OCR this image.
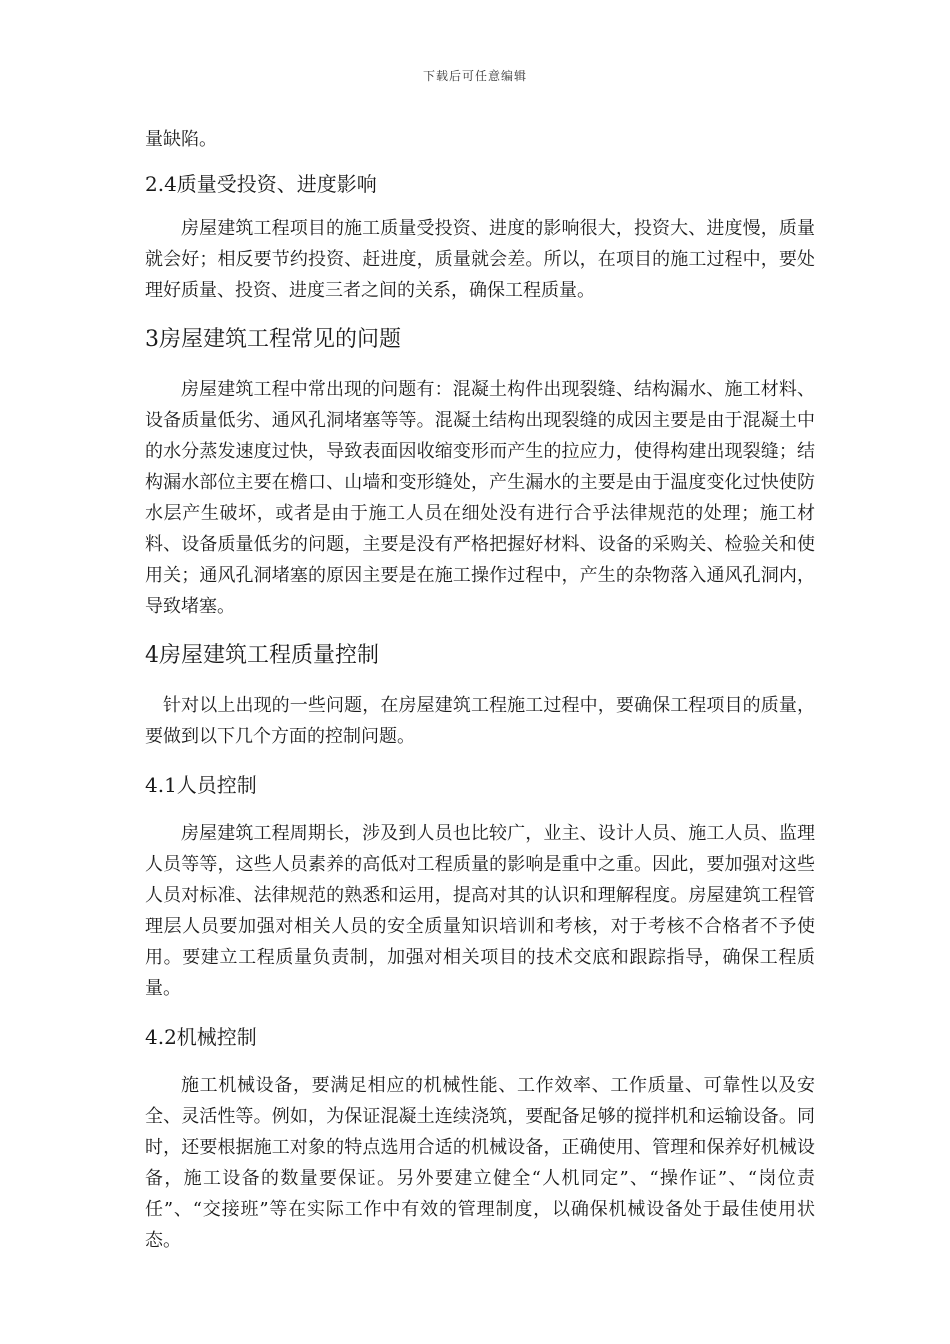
下载后可任意编辑

量缺陷。

2.4质量受投资、进度影响

房屋建筑工程项目的施工质量受投资、进度的影响很大，投资大、进度慢，质量就会好；相反要节约投资、赶进度，质量就会差。所以，在项目的施工过程中，要处理好质量、投资、进度三者之间的关系，确保工程质量。

3房屋建筑工程常见的问题

房屋建筑工程中常出现的问题有：混凝土构件出现裂缝、结构漏水、施工材料、设备质量低劣、通风孔洞堵塞等等。混凝土结构出现裂缝的成因主要是由于混凝土中的水分蒸发速度过快，导致表面因收缩变形而产生的拉应力，使得构建出现裂缝；结构漏水部位主要在檐口、山墙和变形缝处，产生漏水的主要是由于温度变化过快使防水层产生破坏，或者是由于施工人员在细处没有进行合乎法律规范的处理；施工材料、设备质量低劣的问题，主要是没有严格把握好材料、设备的采购关、检验关和使用关；通风孔洞堵塞的原因主要是在施工操作过程中，产生的杂物落入通风孔洞内，导致堵塞。

4房屋建筑工程质量控制

针对以上出现的一些问题，在房屋建筑工程施工过程中，要确保工程项目的质量，要做到以下几个方面的控制问题。

4.1人员控制

房屋建筑工程周期长，涉及到人员也比较广，业主、设计人员、施工人员、监理人员等等，这些人员素养的高低对工程质量的影响是重中之重。因此，要加强对这些人员对标准、法律规范的熟悉和运用，提高对其的认识和理解程度。房屋建筑工程管理层人员要加强对相关人员的安全质量知识培训和考核，对于考核不合格者不予使用。要建立工程质量负责制，加强对相关项目的技术交底和跟踪指导，确保工程质量。

4.2机械控制

施工机械设备，要满足相应的机械性能、工作效率、工作质量、可靠性以及安全、灵活性等。例如，为保证混凝土连续浇筑，要配备足够的搅拌机和运输设备。同时，还要根据施工对象的特点选用合适的机械设备，正确使用、管理和保养好机械设备，施工设备的数量要保证。另外要建立健全“人机同定”、“操作证”、“岗位责任”、“交接班”等在实际工作中有效的管理制度，以确保机械设备处于最佳使用状态。
